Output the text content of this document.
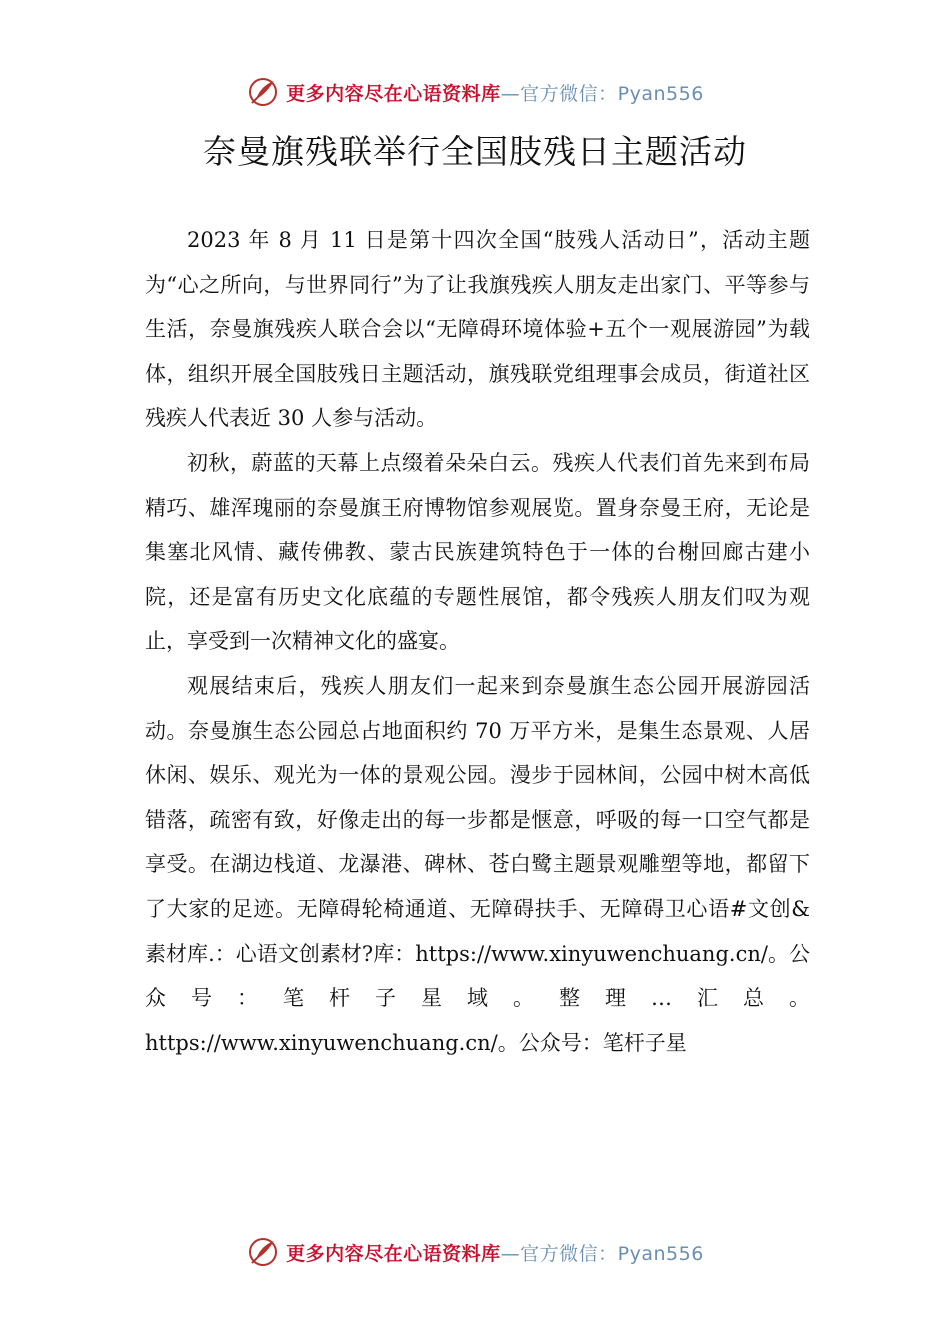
更多内容尽在心语资料库—官方微信：Pyan556
奈曼旗残联举行全国肢残日主题活动

2023 年 8 月 11 日是第十四次全国“肢残人活动日”，活动主题为“心之所向，与世界同行”为了让我旗残疾人朋友走出家门、平等参与生活，奈曼旗残疾人联合会以“无障碍环境体验+五个一观展游园”为载体，组织开展全国肢残日主题活动，旗残联党组理事会成员，街道社区残疾人代表近 30 人参与活动。

初秋，蔚蓝的天幕上点缀着朵朵白云。残疾人代表们首先来到布局精巧、雄浑瑰丽的奈曼旗王府博物馆参观展览。置身奈曼王府，无论是集塞北风情、藏传佛教、蒙古民族建筑特色于一体的台榭回廊古建小院，还是富有历史文化底蕴的专题性展馆，都令残疾人朋友们叹为观止，享受到一次精神文化的盛宴。

观展结束后，残疾人朋友们一起来到奈曼旗生态公园开展游园活动。奈曼旗生态公园总占地面积约 70 万平方米，是集生态景观、人居休闲、娱乐、观光为一体的景观公园。漫步于园林间，公园中树木高低错落，疏密有致，好像走出的每一步都是惬意，呼吸的每一口空气都是享受。在湖边栈道、龙瀑港、碑林、苍白鹭主题景观雕塑等地，都留下了大家的足迹。无障碍轮椅通道、无障碍扶手、无障碍卫心语#文创&素材库.：心语文创素材?库：https://www.xinyuwenchuang.cn/。公众号：笔杆子星域。整理…汇总。https://www.xinyuwenchuang.cn/。公众号：笔杆子星

更多内容尽在心语资料库—官方微信：Pyan556
